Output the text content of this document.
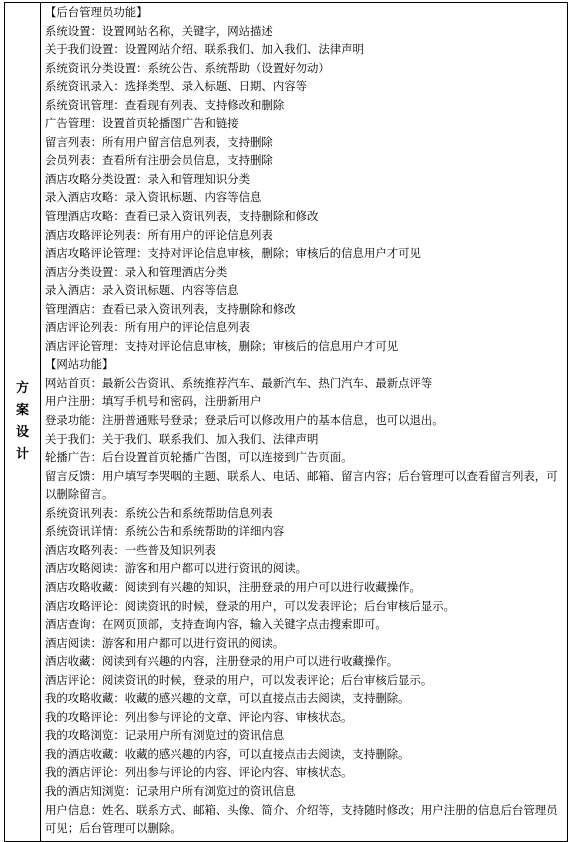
方案设计
【后台管理员功能】
系统设置：设置网站名称，关键字，网站描述
关于我们设置：设置网站介绍、联系我们、加入我们、法律声明
系统资讯分类设置：系统公告、系统帮助（设置好勿动）
系统资讯录入：选择类型、录入标题、日期、内容等
系统资讯管理：查看现有列表、支持修改和删除
广告管理：设置首页轮播图广告和链接
留言列表：所有用户留言信息列表，支持删除
会员列表：查看所有注册会员信息，支持删除
酒店攻略分类设置：录入和管理知识分类
录入酒店攻略：录入资讯标题、内容等信息
管理酒店攻略：查看已录入资讯列表，支持删除和修改
酒店攻略评论列表：所有用户的评论信息列表
酒店攻略评论管理：支持对评论信息审核，删除；审核后的信息用户才可见
酒店分类设置：录入和管理酒店分类
录入酒店：录入资讯标题、内容等信息
管理酒店：查看已录入资讯列表，支持删除和修改
酒店评论列表：所有用户的评论信息列表
酒店评论管理：支持对评论信息审核，删除；审核后的信息用户才可见
【网站功能】
网站首页：最新公告资讯、系统推荐汽车、最新汽车、热门汽车、最新点评等
用户注册：填写手机号和密码，注册新用户
登录功能：注册普通账号登录；登录后可以修改用户的基本信息，也可以退出。
关于我们：关于我们、联系我们、加入我们、法律声明
轮播广告：后台设置首页轮播广告图，可以连接到广告页面。
留言反馈：用户填写李哭咽的主题、联系人、电话、邮箱、留言内容；后台管理可以查看留言列表，可以删除留言。
系统资讯列表：系统公告和系统帮助信息列表
系统资讯详情：系统公告和系统帮助的详细内容
酒店攻略列表：一些普及知识列表
酒店攻略阅读：游客和用户都可以进行资讯的阅读。
酒店攻略收藏：阅读到有兴趣的知识，注册登录的用户可以进行收藏操作。
酒店攻略评论：阅读资讯的时候，登录的用户，可以发表评论；后台审核后显示。
酒店查询：在网页顶部，支持查询内容，输入关键字点击搜索即可。
酒店阅读：游客和用户都可以进行资讯的阅读。
酒店收藏：阅读到有兴趣的内容，注册登录的用户可以进行收藏操作。
酒店评论：阅读资讯的时候，登录的用户，可以发表评论；后台审核后显示。
我的攻略收藏：收藏的感兴趣的文章，可以直接点击去阅读，支持删除。
我的攻略评论：列出参与评论的文章、评论内容、审核状态。
我的攻略浏览：记录用户所有浏览过的资讯信息
我的酒店收藏：收藏的感兴趣的内容，可以直接点击去阅读，支持删除。
我的酒店评论：列出参与评论的内容、评论内容、审核状态。
我的酒店知浏览：记录用户所有浏览过的资讯信息
用户信息：姓名、联系方式、邮箱、头像、简介、介绍等，支持随时修改；用户注册的信息后台管理员可见；后台管理可以删除。
